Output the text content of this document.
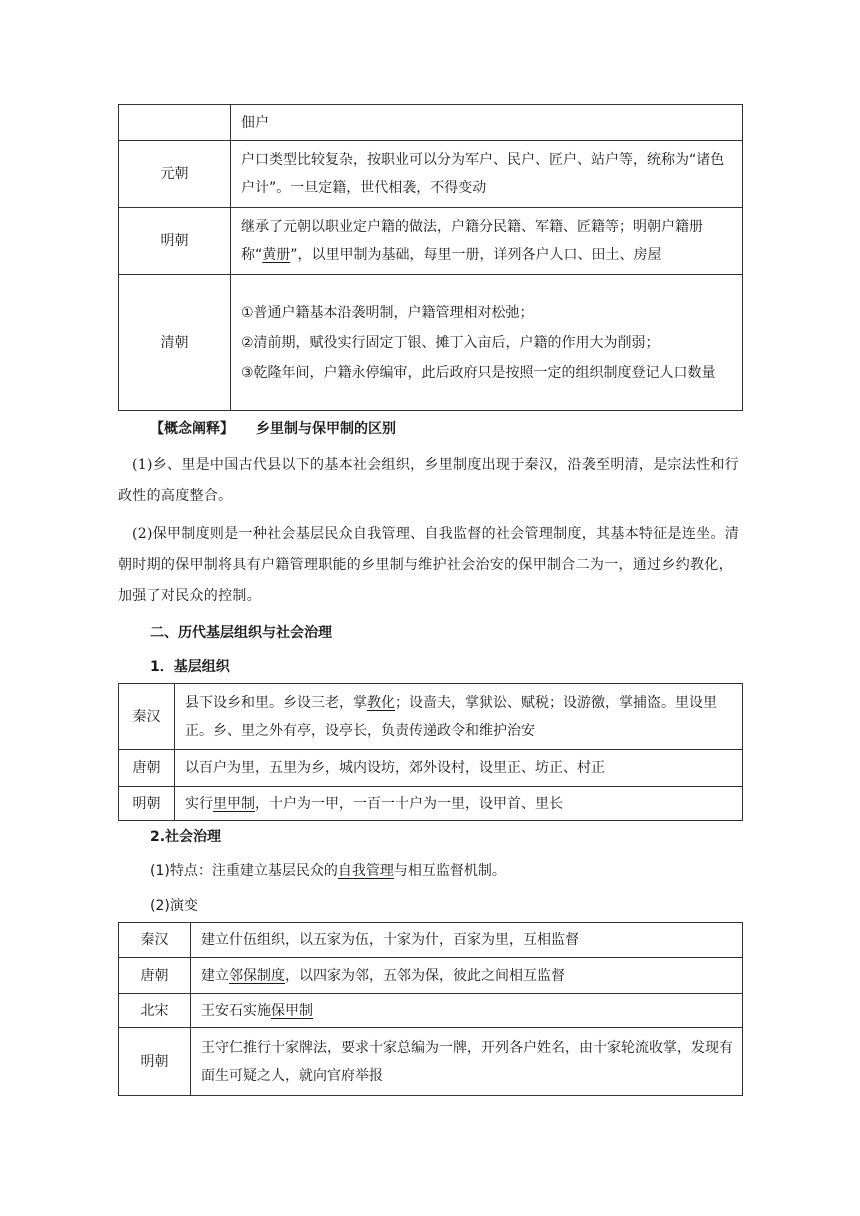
	佃户
元朝	户口类型比较复杂，按职业可以分为军户、民户、匠户、站户等，统称为“诸色户计”。一旦定籍，世代相袭，不得变动
明朝	继承了元朝以职业定户籍的做法，户籍分民籍、军籍、匠籍等；明朝户籍册称“黄册”，以里甲制为基础，每里一册，详列各户人口、田土、房屋
清朝	①普通户籍基本沿袭明制，户籍管理相对松弛；
②清前期，赋役实行固定丁银、摊丁入亩后，户籍的作用大为削弱；
③乾隆年间，户籍永停编审，此后政府只是按照一定的组织制度登记人口数量
【概念阐释】 乡里制与保甲制的区别
(1)乡、里是中国古代县以下的基本社会组织，乡里制度出现于秦汉，沿袭至明清，是宗法性和行政性的高度整合。
(2)保甲制度则是一种社会基层民众自我管理、自我监督的社会管理制度，其基本特征是连坐。清朝时期的保甲制将具有户籍管理职能的乡里制与维护社会治安的保甲制合二为一，通过乡约教化，加强了对民众的控制。
二、历代基层组织与社会治理
1．基层组织
秦汉	县下设乡和里。乡设三老，掌教化；设啬夫，掌狱讼、赋税；设游徼，掌捕盗。里设里正。乡、里之外有亭，设亭长，负责传递政令和维护治安
唐朝	以百户为里，五里为乡，城内设坊，郊外设村，设里正、坊正、村正
明朝	实行里甲制，十户为一甲，一百一十户为一里，设甲首、里长
2.社会治理
(1)特点：注重建立基层民众的自我管理与相互监督机制。
(2)演变
秦汉	建立什伍组织，以五家为伍，十家为什，百家为里，互相监督
唐朝	建立邻保制度，以四家为邻，五邻为保，彼此之间相互监督
北宋	王安石实施保甲制
明朝	王守仁推行十家牌法，要求十家总编为一牌，开列各户姓名，由十家轮流收掌，发现有面生可疑之人，就向官府举报
